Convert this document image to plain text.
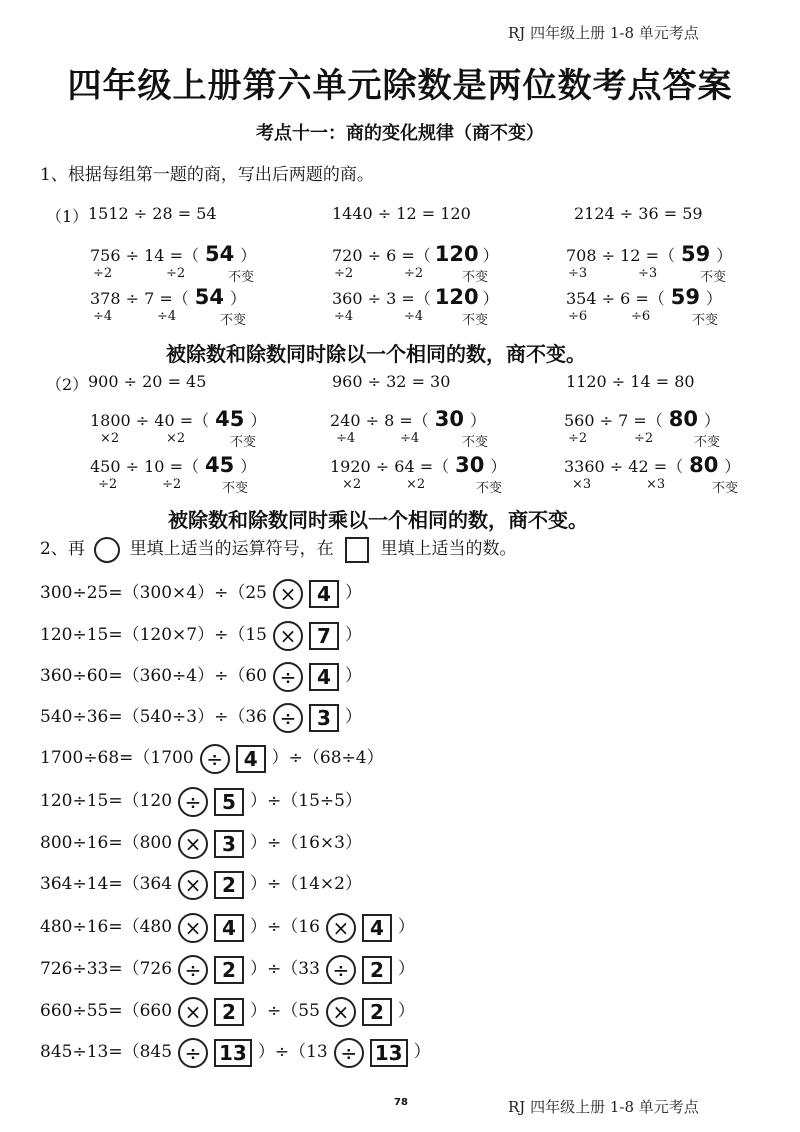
RJ 四年级上册 1-8 单元考点
四年级上册第六单元除数是两位数考点答案
考点十一：商的变化规律（商不变）
1、根据每组第一题的商，写出后两题的商。
（1） 1512 ÷ 28 = 54	1440 ÷ 12 = 120	2124 ÷ 36 = 59
756 ÷ 14 =（ 54 ）
÷2	÷2	不变
378 ÷ 7 =（ 54 ）
÷4	÷4	不变
720 ÷ 6 =（ 120 ）
÷2	÷2	不变
360 ÷ 3 =（ 120 ）
÷4	÷4	不变
708 ÷ 12 =（ 59 ）
÷3	÷3	不变
354 ÷ 6 =（ 59 ）
÷6	÷6	不变
被除数和除数同时除以一个相同的数，商不变。
（2） 900 ÷ 20 = 45	960 ÷ 32 = 30	1120 ÷ 14 = 80
1800 ÷ 40 =（ 45 ）
×2	×2	不变
450 ÷ 10 =（ 45 ）
÷2	÷2	不变
240 ÷ 8 =（ 30 ）
÷4	÷4	不变
1920 ÷ 64 =（ 30 ）
×2	×2	不变
560 ÷ 7 =（ 80 ）
÷2	÷2	不变
3360 ÷ 42 =（ 80 ）
×3	×3	不变
被除数和除数同时乘以一个相同的数，商不变。
2、再	里填上适当的运算符号，在	里填上适当的数。
300÷25=（300×4）÷（25 × 4 ）
120÷15=（120×7）÷（15 × 7 ）
360÷60=（360÷4）÷（60 ÷ 4 ）
540÷36=（540÷3）÷（36 ÷ 3 ）
1700÷68=（1700 ÷ 4 ）÷（68÷4）
120÷15=（120 ÷ 5 ）÷（15÷5）
800÷16=（800 × 3 ）÷（16×3）
364÷14=（364 × 2 ）÷（14×2）
480÷16=（480 × 4 ）÷（16 × 4 ）
726÷33=（726 ÷ 2 ）÷（33 ÷ 2 ）
660÷55=（660 × 2 ）÷（55 × 2 ）
845÷13=（845 ÷ 13 ）÷（13 ÷ 13 ）
78	RJ 四年级上册 1-8 单元考点
